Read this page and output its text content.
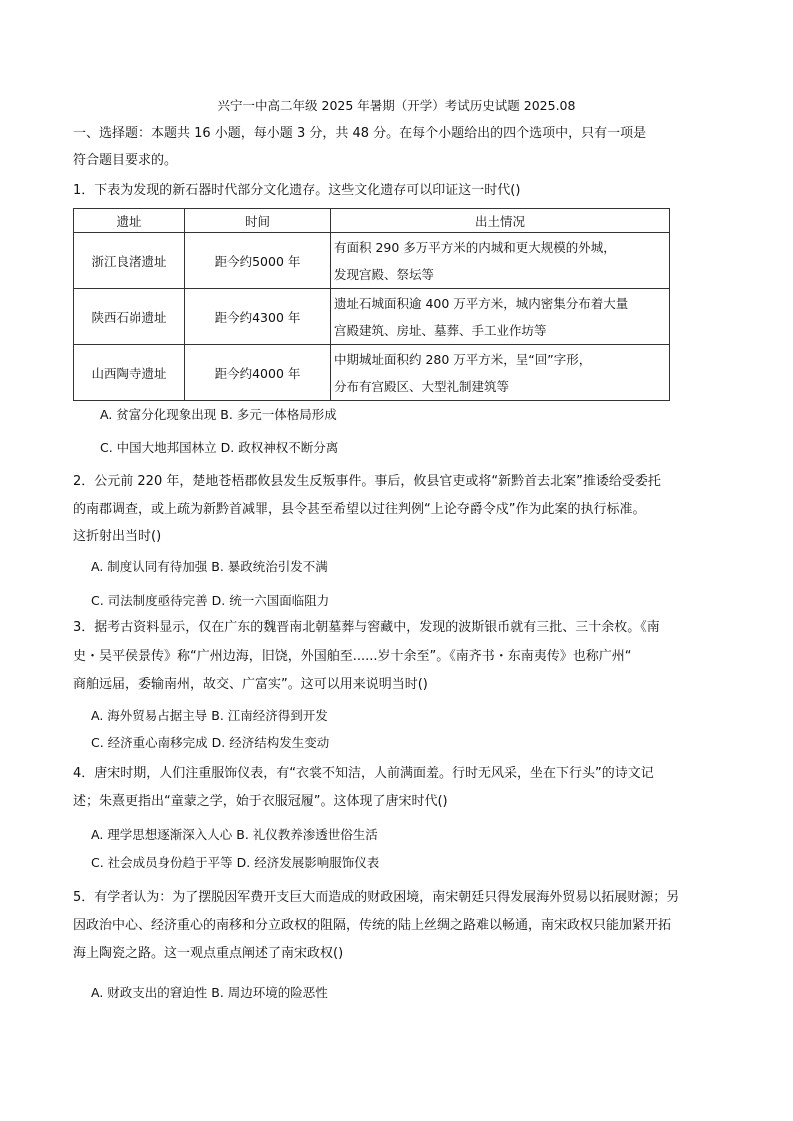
兴宁一中高二年级 2025 年暑期（开学）考试历史试题 2025.08
一、选择题：本题共 16 小题，每小题 3 分，共 48 分。在每个小题给出的四个选项中，只有一项是
符合题目要求的。
1．下表为发现的新石器时代部分文化遗存。这些文化遗存可以印证这一时代()
遗址	时间	出土情况
浙江良渚遗址	距今约5000 年	有面积 290 多万平方米的内城和更大规模的外城，
发现宫殿、祭坛等

陕西石峁遗址	距今约4300 年	遗址石城面积逾 400 万平方米，城内密集分布着大量
宫殿建筑、房址、墓葬、手工业作坊等

山西陶寺遗址	距今约4000 年	中期城址面积约 280 万平方米，呈“回”字形，
分布有宫殿区、大型礼制建筑等
A. 贫富分化现象出现 B. 多元一体格局形成
C. 中国大地邦国林立 D. 政权神权不断分离
2．公元前 220 年，楚地苍梧郡攸县发生反叛事件。事后，攸县官吏或将“新黔首去北案”推诿给受委托
的南郡调查，或上疏为新黔首减罪，县令甚至希望以过往判例“上论夺爵令戍”作为此案的执行标准。
这折射出当时()
A. 制度认同有待加强 B. 暴政统治引发不满
C. 司法制度亟待完善 D. 统一六国面临阻力
3．据考古资料显示，仅在广东的魏晋南北朝墓葬与窖藏中，发现的波斯银币就有三批、三十余枚。《南
史・吴平侯景传》称“广州边海，旧饶，外国舶至......岁十余至”。《南齐书・东南夷传》也称广州“
商舶远届，委输南州，故交、广富实”。这可以用来说明当时()
A. 海外贸易占据主导 B. 江南经济得到开发
C. 经济重心南移完成 D. 经济结构发生变动
4．唐宋时期，人们注重服饰仪表，有“衣裳不知洁，人前满面羞。行时无风采，坐在下行头”的诗文记
述；朱熹更指出“童蒙之学，始于衣服冠履”。这体现了唐宋时代()
A. 理学思想逐渐深入人心 B. 礼仪教养渗透世俗生活
C. 社会成员身份趋于平等 D. 经济发展影响服饰仪表
5．有学者认为：为了摆脱因军费开支巨大而造成的财政困境，南宋朝廷只得发展海外贸易以拓展财源；另
因政治中心、经济重心的南移和分立政权的阻隔，传统的陆上丝绸之路难以畅通，南宋政权只能加紧开拓
海上陶瓷之路。这一观点重点阐述了南宋政权()
A. 财政支出的窘迫性 B. 周边环境的险恶性
